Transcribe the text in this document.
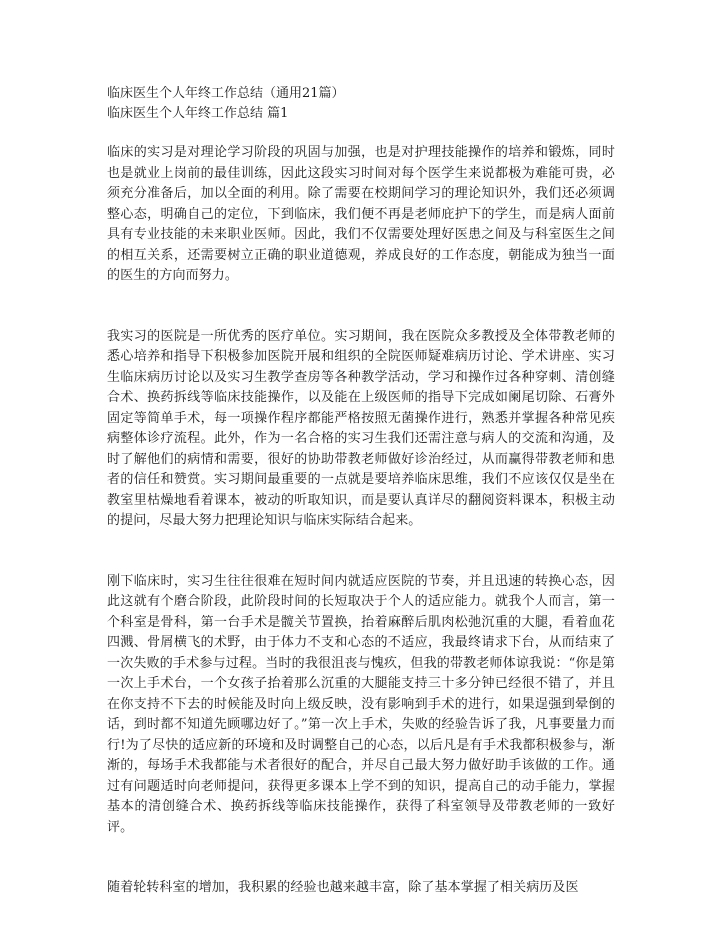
临床医生个人年终工作总结（通用21篇）

临床医生个人年终工作总结 篇1

临床的实习是对理论学习阶段的巩固与加强，也是对护理技能操作的培养和锻炼，同时也是就业上岗前的最佳训练，因此这段实习时间对每个医学生来说都极为难能可贵，必须充分准备后，加以全面的利用。除了需要在校期间学习的理论知识外，我们还必须调整心态，明确自己的定位，下到临床，我们便不再是老师庇护下的学生，而是病人面前具有专业技能的未来职业医师。因此，我们不仅需要处理好医患之间及与科室医生之间的相互关系，还需要树立正确的职业道德观，养成良好的工作态度，朝能成为独当一面的医生的方向而努力。

我实习的医院是一所优秀的医疗单位。实习期间，我在医院众多教授及全体带教老师的悉心培养和指导下积极参加医院开展和组织的全院医师疑难病历讨论、学术讲座、实习生临床病历讨论以及实习生教学查房等各种教学活动，学习和操作过各种穿刺、清创缝合术、换药拆线等临床技能操作，以及能在上级医师的指导下完成如阑尾切除、石膏外固定等简单手术，每一项操作程序都能严格按照无菌操作进行，熟悉并掌握各种常见疾病整体诊疗流程。此外，作为一名合格的实习生我们还需注意与病人的交流和沟通，及时了解他们的病情和需要，很好的协助带教老师做好诊治经过，从而赢得带教老师和患者的信任和赞赏。实习期间最重要的一点就是要培养临床思维，我们不应该仅仅是坐在教室里枯燥地看着课本，被动的听取知识，而是要认真详尽的翻阅资料课本，积极主动的提问，尽最大努力把理论知识与临床实际结合起来。

刚下临床时，实习生往往很难在短时间内就适应医院的节奏，并且迅速的转换心态，因此这就有个磨合阶段，此阶段时间的长短取决于个人的适应能力。就我个人而言，第一个科室是骨科，第一台手术是髋关节置换，抬着麻醉后肌肉松弛沉重的大腿，看着血花四溅、骨屑横飞的术野，由于体力不支和心态的不适应，我最终请求下台，从而结束了一次失败的手术参与过程。当时的我很沮丧与愧疚，但我的带教老师体谅我说：“你是第一次上手术台，一个女孩子抬着那么沉重的大腿能支持三十多分钟已经很不错了，并且在你支持不下去的时候能及时向上级反映，没有影响到手术的进行，如果逞强到晕倒的话，到时都不知道先顾哪边好了。”第一次上手术，失败的经验告诉了我，凡事要量力而行!为了尽快的适应新的环境和及时调整自己的心态，以后凡是有手术我都积极参与，渐渐的，每场手术我都能与术者很好的配合，并尽自己最大努力做好助手该做的工作。通过有问题适时向老师提问，获得更多课本上学不到的知识，提高自己的动手能力，掌握基本的清创缝合术、换药拆线等临床技能操作，获得了科室领导及带教老师的一致好评。

随着轮转科室的增加，我积累的经验也越来越丰富，除了基本掌握了相关病历及医
